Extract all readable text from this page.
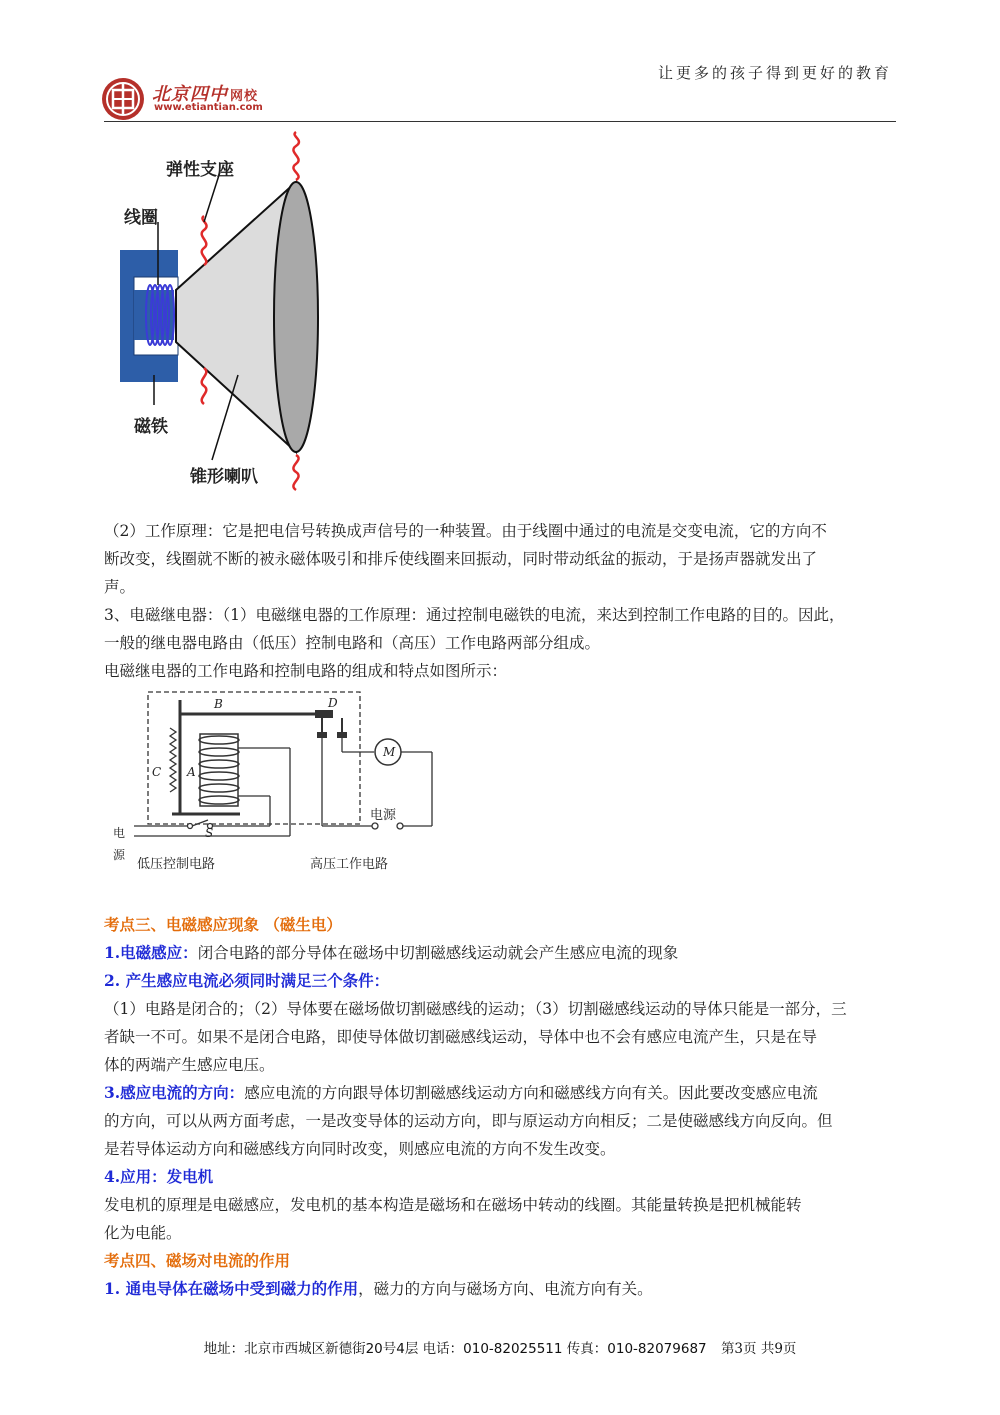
北京四中 网校
www.etiantian.com
让更多的孩子得到更好的教育
弹性支座
线圈
磁铁
锥形喇叭
（2）工作原理：它是把电信号转换成声信号的一种装置。由于线圈中通过的电流是交变电流，它的方向不
断改变，线圈就不断的被永磁体吸引和排斥使线圈来回振动，同时带动纸盆的振动，于是扬声器就发出了
声。
3、电磁继电器：（1）电磁继电器的工作原理：通过控制电磁铁的电流，来达到控制工作电路的目的。因此，
一般的继电器电路由（低压）控制电路和（高压）工作电路两部分组成。
电磁继电器的工作电路和控制电路的组成和特点如图所示：
B	D
C A
S
M
电
源
电源
低压控制电路	高压工作电路
考点三、电磁感应现象 （磁生电）
1.电磁感应：闭合电路的部分导体在磁场中切割磁感线运动就会产生感应电流的现象
2. 产生感应电流必须同时满足三个条件：
（1）电路是闭合的；（2）导体要在磁场做切割磁感线的运动；（3）切割磁感线运动的导体只能是一部分，三
者缺一不可。如果不是闭合电路，即使导体做切割磁感线运动，导体中也不会有感应电流产生，只是在导
体的两端产生感应电压。
3.感应电流的方向：感应电流的方向跟导体切割磁感线运动方向和磁感线方向有关。因此要改变感应电流
的方向，可以从两方面考虑，一是改变导体的运动方向，即与原运动方向相反；二是使磁感线方向反向。但
是若导体运动方向和磁感线方向同时改变，则感应电流的方向不发生改变。
4.应用：发电机
发电机的原理是电磁感应，发电机的基本构造是磁场和在磁场中转动的线圈。其能量转换是把机械能转
化为电能。
考点四、磁场对电流的作用
1. 通电导体在磁场中受到磁力的作用，磁力的方向与磁场方向、电流方向有关。
地址：北京市西城区新德街20号4层 电话：010-82025511 传真：010-82079687 第3页 共9页
